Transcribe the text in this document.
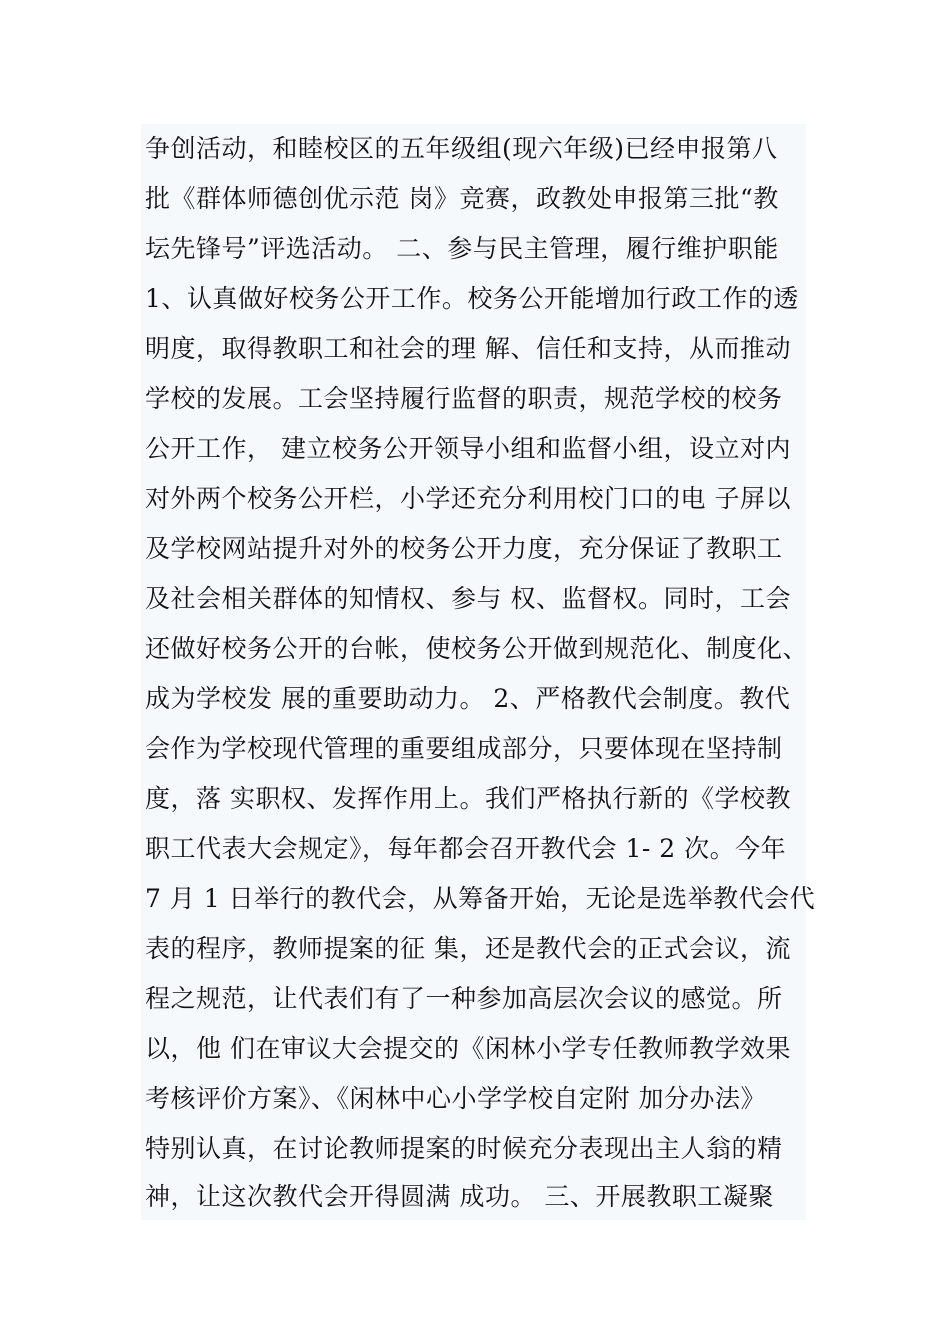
争创活动，和睦校区的五年级组(现六年级)已经申报第八
批《群体师德创优示范 岗》竞赛，政教处申报第三批“教
坛先锋号”评选活动。 二、参与民主管理，履行维护职能
1、认真做好校务公开工作。校务公开能增加行政工作的透
明度，取得教职工和社会的理 解、信任和支持，从而推动
学校的发展。工会坚持履行监督的职责，规范学校的校务
公开工作， 建立校务公开领导小组和监督小组，设立对内
对外两个校务公开栏，小学还充分利用校门口的电 子屏以
及学校网站提升对外的校务公开力度，充分保证了教职工
及社会相关群体的知情权、参与 权、监督权。同时，工会
还做好校务公开的台帐，使校务公开做到规范化、制度化、
成为学校发 展的重要助动力。 2、严格教代会制度。教代
会作为学校现代管理的重要组成部分，只要体现在坚持制
度，落 实职权、发挥作用上。我们严格执行新的《学校教
职工代表大会规定》，每年都会召开教代会 1- 2 次。今年
7 月 1 日举行的教代会，从筹备开始，无论是选举教代会代
表的程序，教师提案的征 集，还是教代会的正式会议，流
程之规范，让代表们有了一种参加高层次会议的感觉。所
以，他 们在审议大会提交的《闲林小学专任教师教学效果
考核评价方案》、《闲林中心小学学校自定附 加分办法》
特别认真，在讨论教师提案的时候充分表现出主人翁的精
神，让这次教代会开得圆满 成功。 三、开展教职工凝聚
